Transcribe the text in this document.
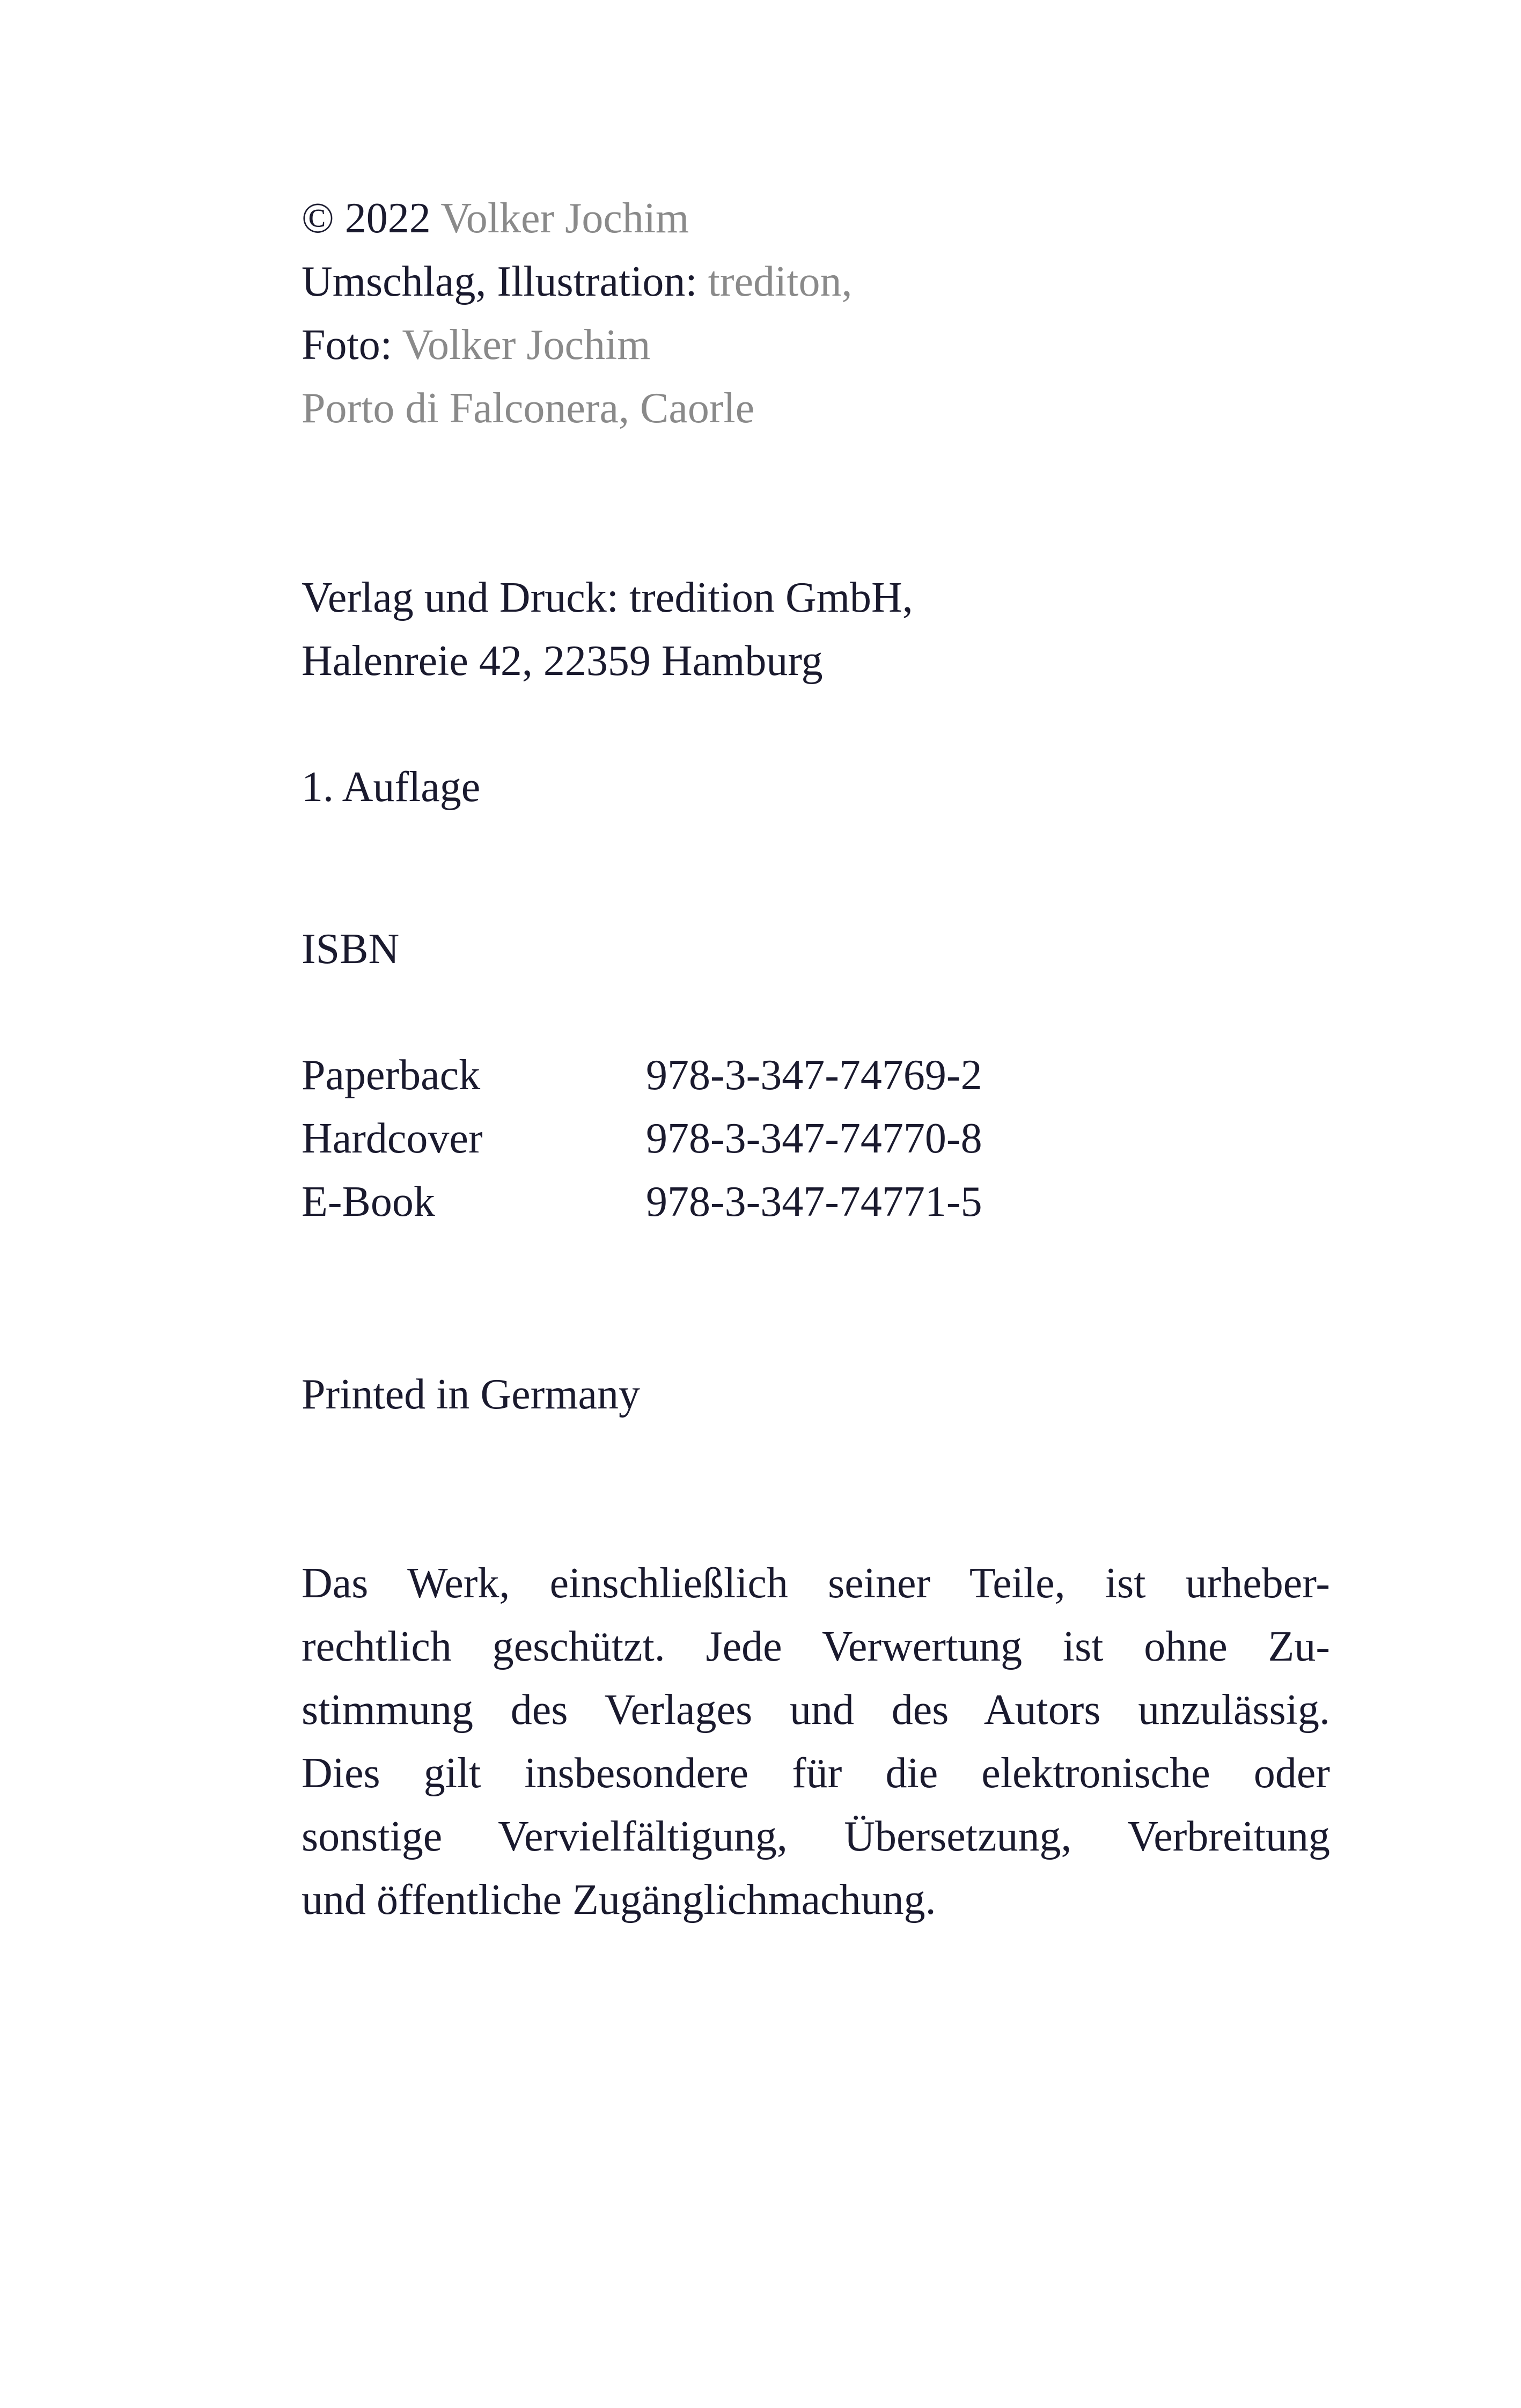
© 2022 Volker Jochim
Umschlag, Illustration: trediton,
Foto: Volker Jochim
Porto di Falconera, Caorle
Verlag und Druck: tredition GmbH,
Halenreie 42, 22359 Hamburg
1. Auflage
ISBN
Paperback	978-3-347-74769-2
Hardcover	978-3-347-74770-8
E-Book	978-3-347-74771-5
Printed in Germany
Das Werk, einschließlich seiner Teile, ist urheber-
rechtlich geschützt. Jede Verwertung ist ohne Zu-
stimmung des Verlages und des Autors unzulässig.
Dies gilt insbesondere für die elektronische oder
sonstige Vervielfältigung, Übersetzung, Verbreitung
und öffentliche Zugänglichmachung.
